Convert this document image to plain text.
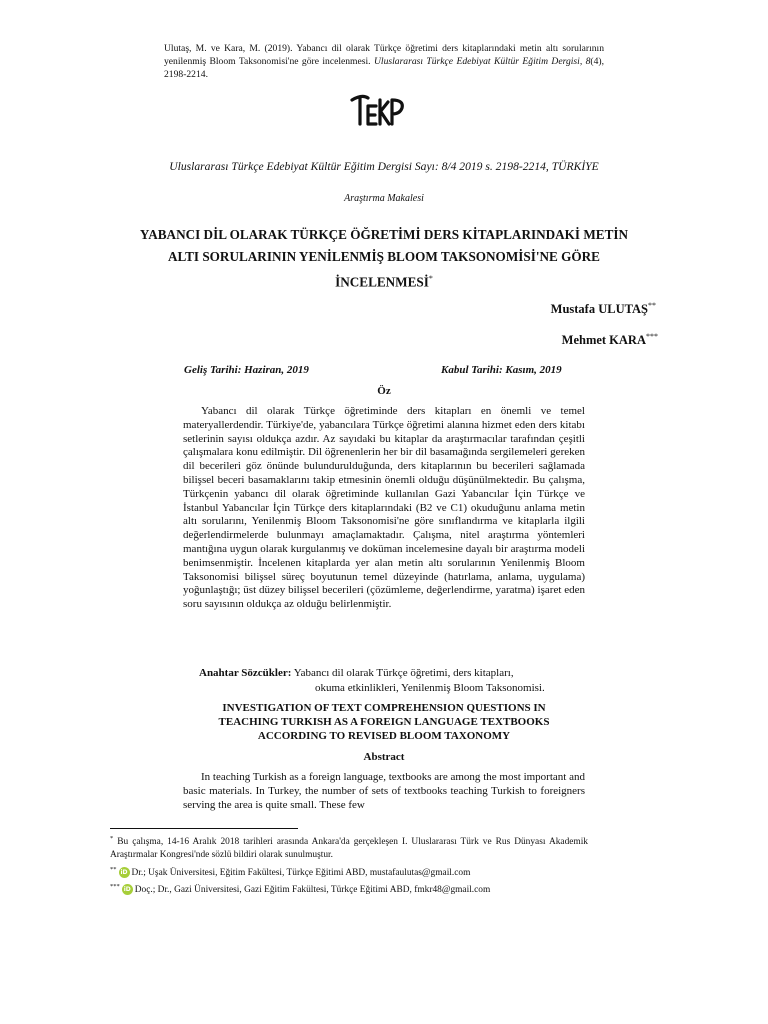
Ulutaş, M. ve Kara, M. (2019). Yabancı dil olarak Türkçe öğretimi ders kitaplarındaki metin altı sorularının yenilenmiş Bloom Taksonomisi'ne göre incelenmesi. Uluslararası Türkçe Edebiyat Kültür Eğitim Dergisi, 8(4), 2198-2214.
TEKE
Uluslararası Türkçe Edebiyat Kültür Eğitim Dergisi Sayı: 8/4 2019 s. 2198-2214, TÜRKİYE
Araştırma Makalesi
YABANCI DİL OLARAK TÜRKÇE ÖĞRETİMİ DERS KİTAPLARINDAKİ METİN
ALTI SORULARININ YENİLENMİŞ BLOOM TAKSONOMİSİ'NE GÖRE
İNCELENMESİ*
Mustafa ULUTAŞ**
Mehmet KARA***
Geliş Tarihi: Haziran, 2019	Kabul Tarihi: Kasım, 2019
Öz
Yabancı dil olarak Türkçe öğretiminde ders kitapları en önemli ve temel materyallerdendir. Türkiye'de, yabancılara Türkçe öğretimi alanına hizmet eden ders kitabı setlerinin sayısı oldukça azdır. Az sayıdaki bu kitaplar da araştırmacılar tarafından çeşitli çalışmalara konu edilmiştir. Dil öğrenenlerin her bir dil basamağında sergilemeleri gereken dil becerileri göz önünde bulundurulduğunda, ders kitaplarının bu becerileri sağlamada bilişsel beceri basamaklarını takip etmesinin önemli olduğu düşünülmektedir. Bu çalışma, Türkçenin yabancı dil olarak öğretiminde kullanılan Gazi Yabancılar İçin Türkçe ve İstanbul Yabancılar İçin Türkçe ders kitaplarındaki (B2 ve C1) okuduğunu anlama metin altı sorularını, Yenilenmiş Bloom Taksonomisi'ne göre sınıflandırma ve kitaplarla ilgili değerlendirmelerde bulunmayı amaçlamaktadır. Çalışma, nitel araştırma yöntemleri mantığına uygun olarak kurgulanmış ve doküman incelemesine dayalı bir araştırma modeli benimsenmiştir. İncelenen kitaplarda yer alan metin altı sorularının Yenilenmiş Bloom Taksonomisi bilişsel süreç boyutunun temel düzeyinde (hatırlama, anlama, uygulama) yoğunlaştığı; üst düzey bilişsel becerileri (çözümleme, değerlendirme, yaratma) işaret eden soru sayısının oldukça az olduğu belirlenmiştir.
Anahtar Sözcükler: Yabancı dil olarak Türkçe öğretimi, ders kitapları,
okuma etkinlikleri, Yenilenmiş Bloom Taksonomisi.
INVESTIGATION OF TEXT COMPREHENSION QUESTIONS IN
TEACHING TURKISH AS A FOREIGN LANGUAGE TEXTBOOKS
ACCORDING TO REVISED BLOOM TAXONOMY
Abstract
In teaching Turkish as a foreign language, textbooks are among the most important and basic materials. In Turkey, the number of sets of textbooks teaching Turkish to foreigners serving the area is quite small. These few
* Bu çalışma, 14-16 Aralık 2018 tarihleri arasında Ankara'da gerçekleşen I. Uluslararası Türk ve Rus Dünyası Akademik Araştırmalar Kongresi'nde sözlü bildiri olarak sunulmuştur.
** iD Dr.; Uşak Üniversitesi, Eğitim Fakültesi, Türkçe Eğitimi ABD, mustafaulutas@gmail.com
*** iD Doç.; Dr., Gazi Üniversitesi, Gazi Eğitim Fakültesi, Türkçe Eğitimi ABD, fmkr48@gmail.com
